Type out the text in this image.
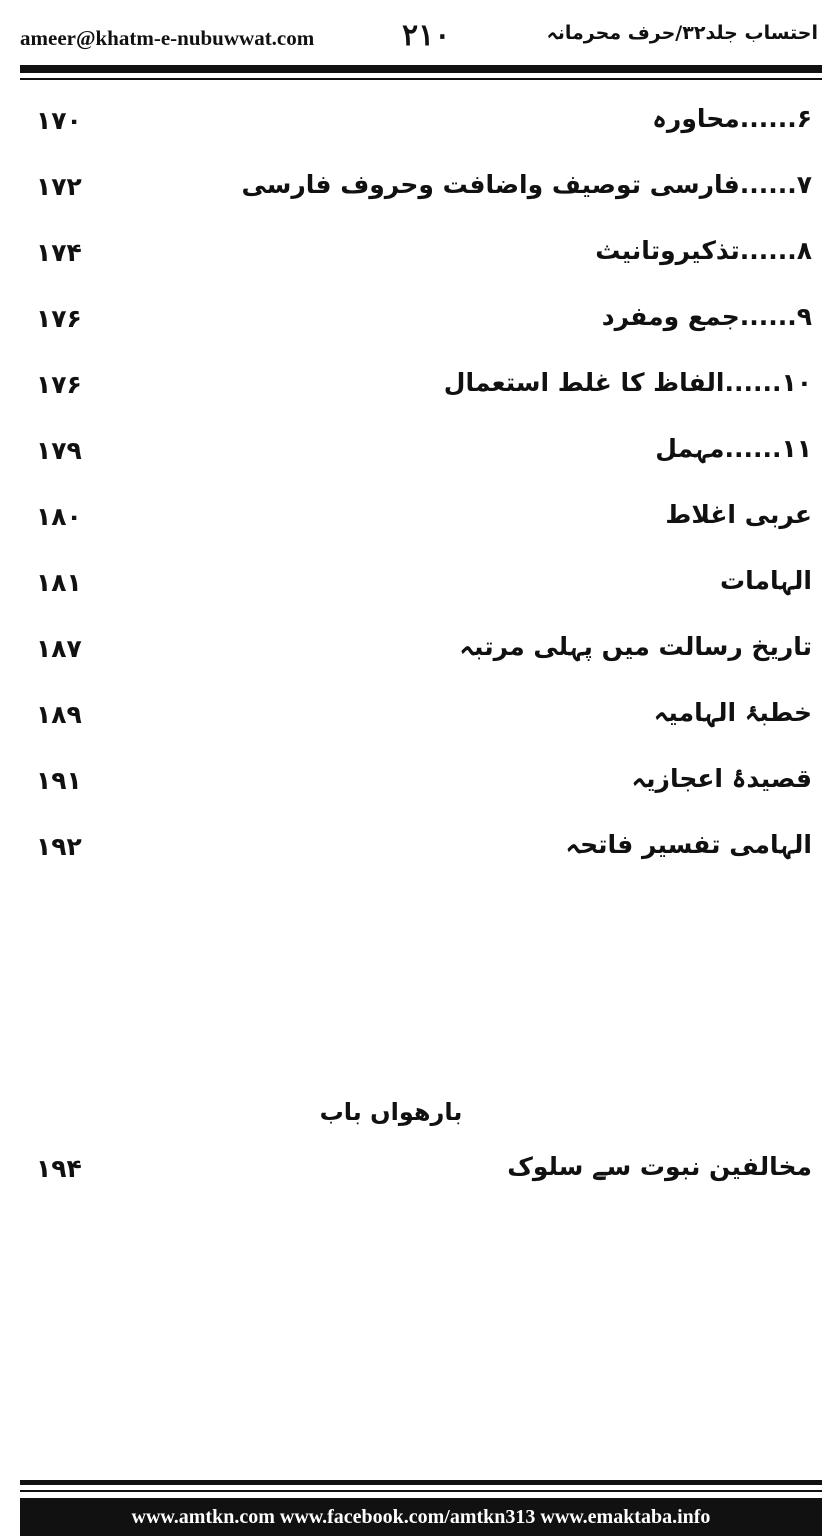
ameer@khatm-e-nubuwwat.com	۲۱۰	احتساب جلد۳۲/حرف محرمانہ
۶......محاورہ
۱۷۰
۷......فارسی توصیف واضافت وحروف فارسی
۱۷۲
۸......تذکیروتانیث
۱۷۴
۹......جمع ومفرد
۱۷۶
۱۰......الفاظ کا غلط استعمال
۱۷۶
۱۱......مہمل
۱۷۹
عربی اغلاط
۱۸۰
الہامات
۱۸۱
تاریخ رسالت میں پہلی مرتبہ
۱۸۷
خطبۂ الہامیہ
۱۸۹
قصیدۂ اعجازیہ
۱۹۱
الہامی تفسیر فاتحہ
۱۹۲
بارھواں باب
مخالفین نبوت سے سلوک
۱۹۴
www.amtkn.com www.facebook.com/amtkn313 www.emaktaba.info
